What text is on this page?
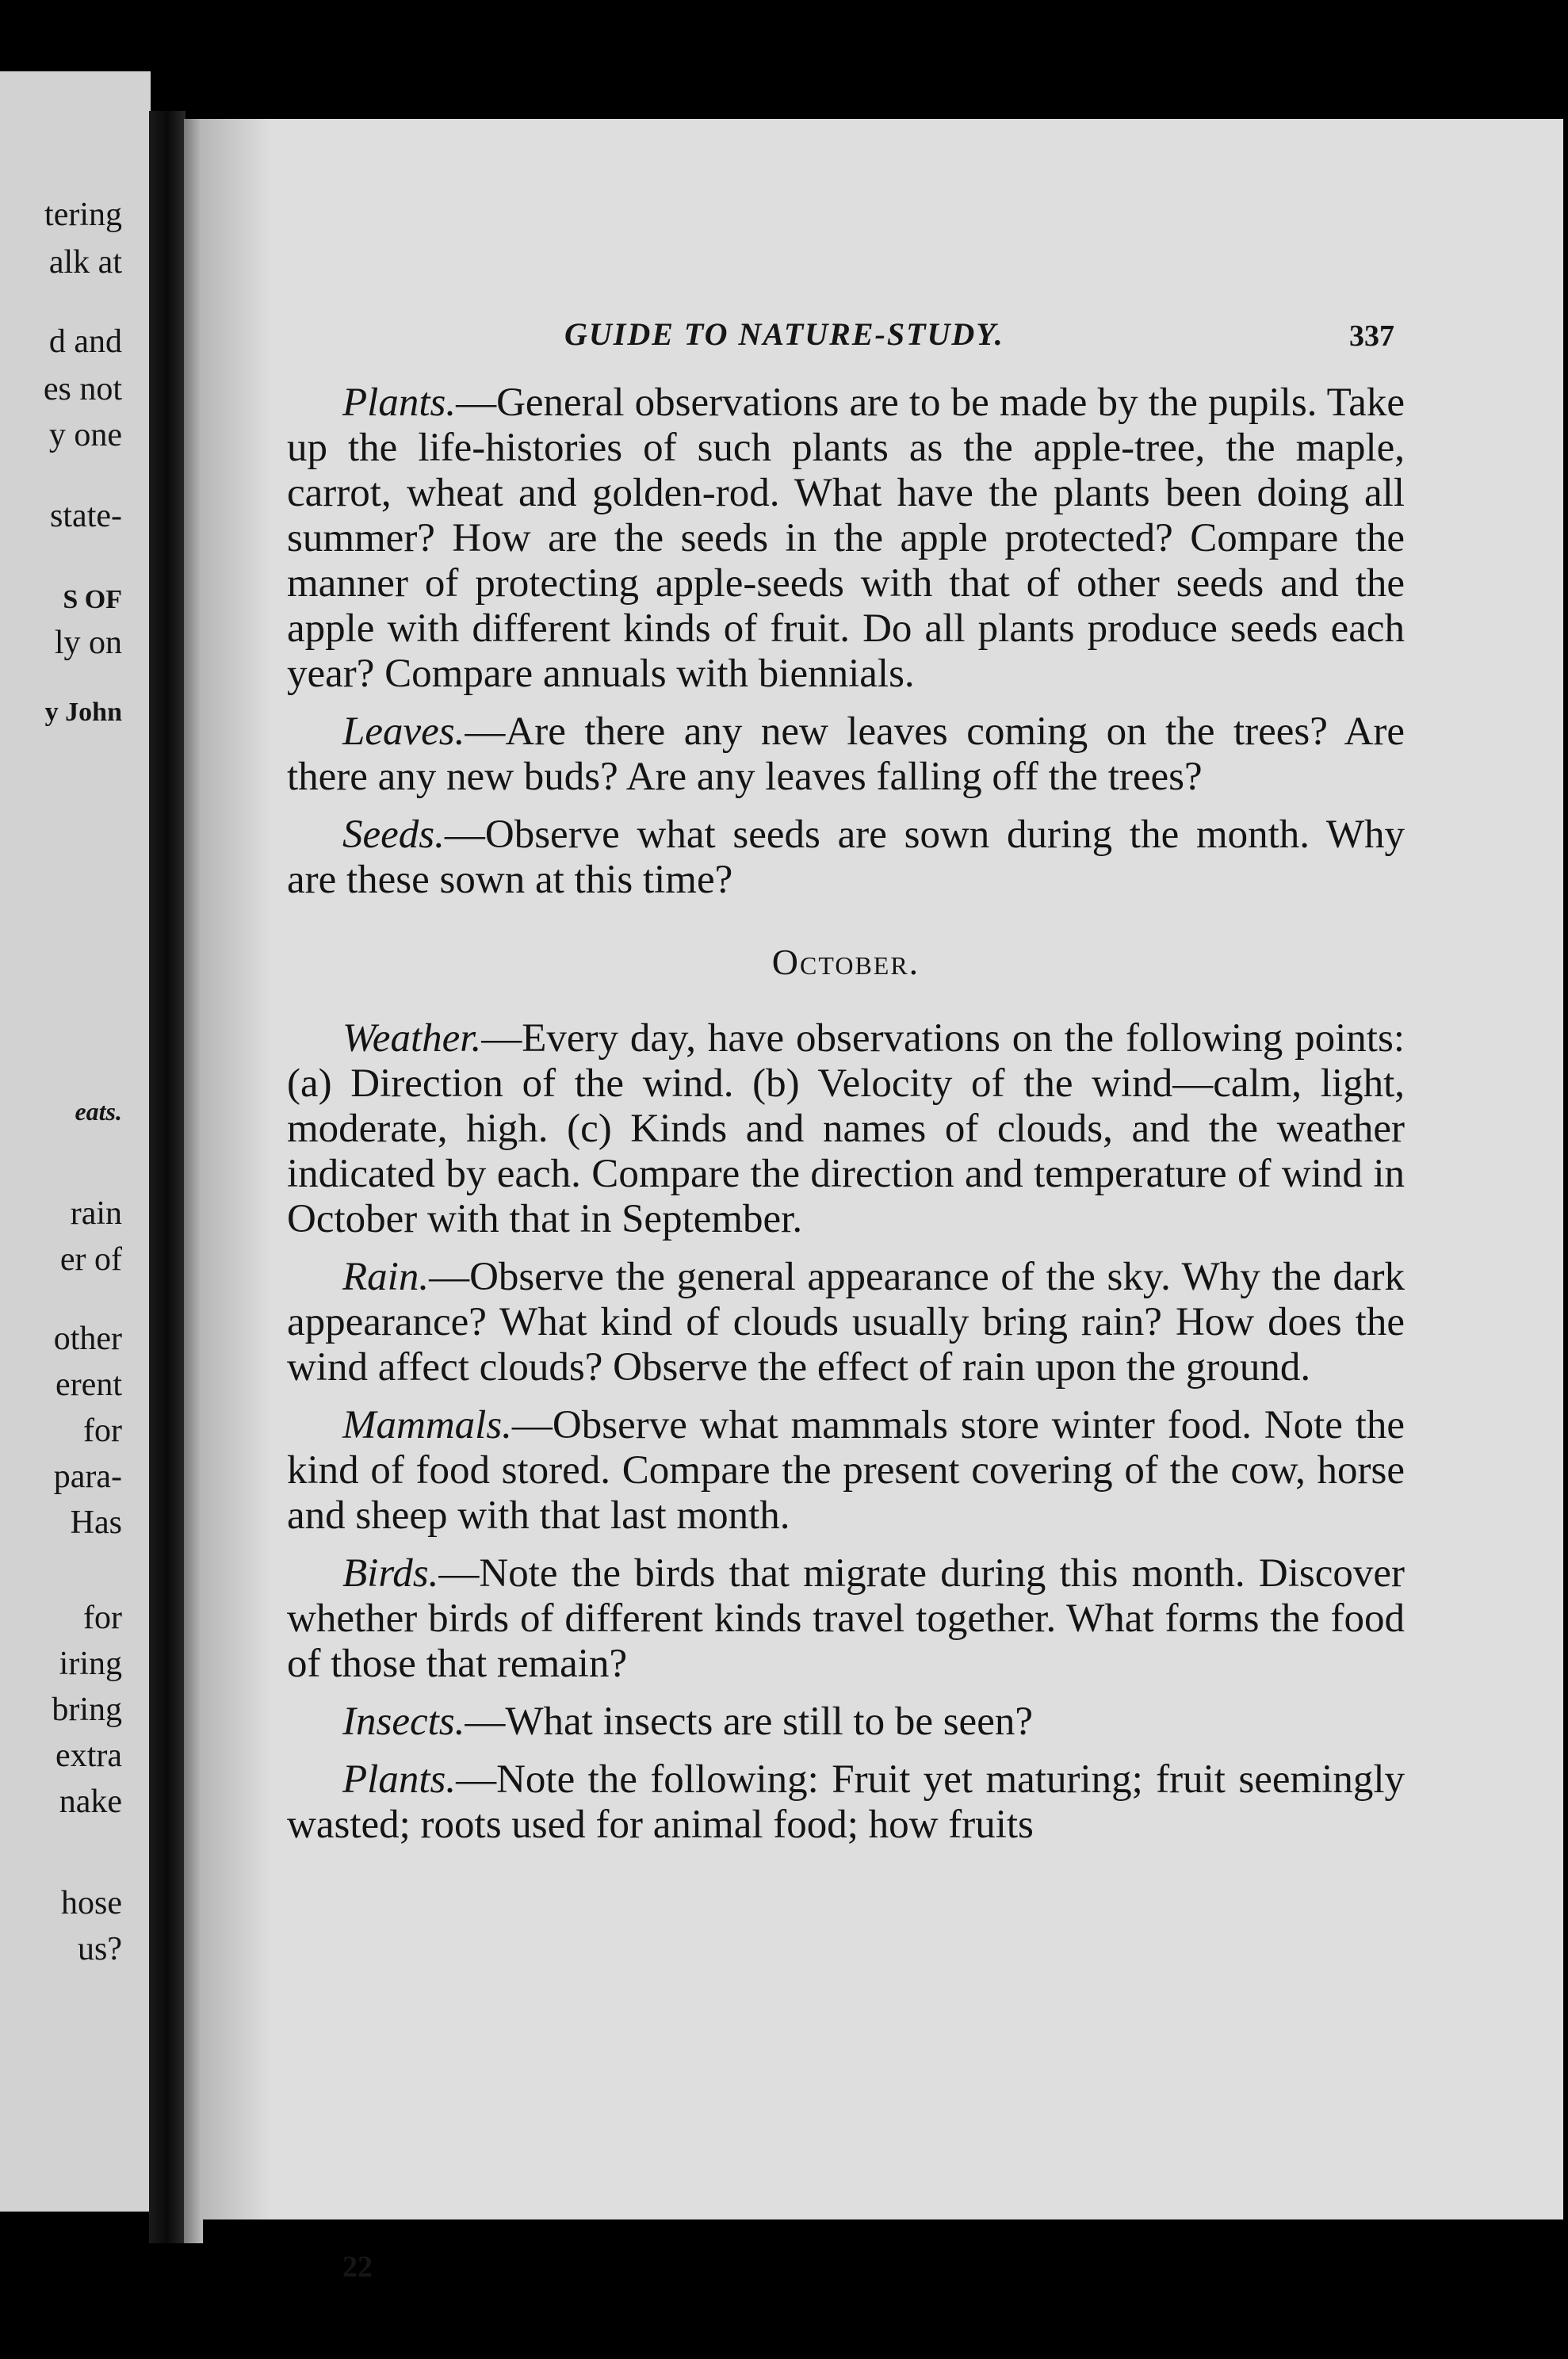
tering
alk at
d and
es not
y one
state-
S OF
ly on
y John
eats.
rain
er of
other
erent
for
para-
Has
for
iring
bring
extra
nake
hose
us?
GUIDE TO NATURE-STUDY.	337

Plants.—General observations are to be made by the pupils. Take up the life-histories of such plants as the apple-tree, the maple, carrot, wheat and golden-rod. What have the plants been doing all summer? How are the seeds in the apple protected? Compare the manner of protecting apple-seeds with that of other seeds and the apple with different kinds of fruit. Do all plants produce seeds each year? Compare annuals with biennials.

Leaves.—Are there any new leaves coming on the trees? Are there any new buds? Are any leaves falling off the trees?

Seeds.—Observe what seeds are sown during the month. Why are these sown at this time?

October.

Weather.—Every day, have observations on the following points: (a) Direction of the wind. (b) Velocity of the wind—calm, light, moderate, high. (c) Kinds and names of clouds, and the weather indicated by each. Compare the direction and temperature of wind in October with that in September.

Rain.—Observe the general appearance of the sky. Why the dark appearance? What kind of clouds usually bring rain? How does the wind affect clouds? Observe the effect of rain upon the ground.

Mammals.—Observe what mammals store winter food. Note the kind of food stored. Compare the present covering of the cow, horse and sheep with that last month.

Birds.—Note the birds that migrate during this month. Discover whether birds of different kinds travel together. What forms the food of those that remain?

Insects.—What insects are still to be seen?

Plants.—Note the following: Fruit yet maturing; fruit seemingly wasted; roots used for animal food; how fruits

22
